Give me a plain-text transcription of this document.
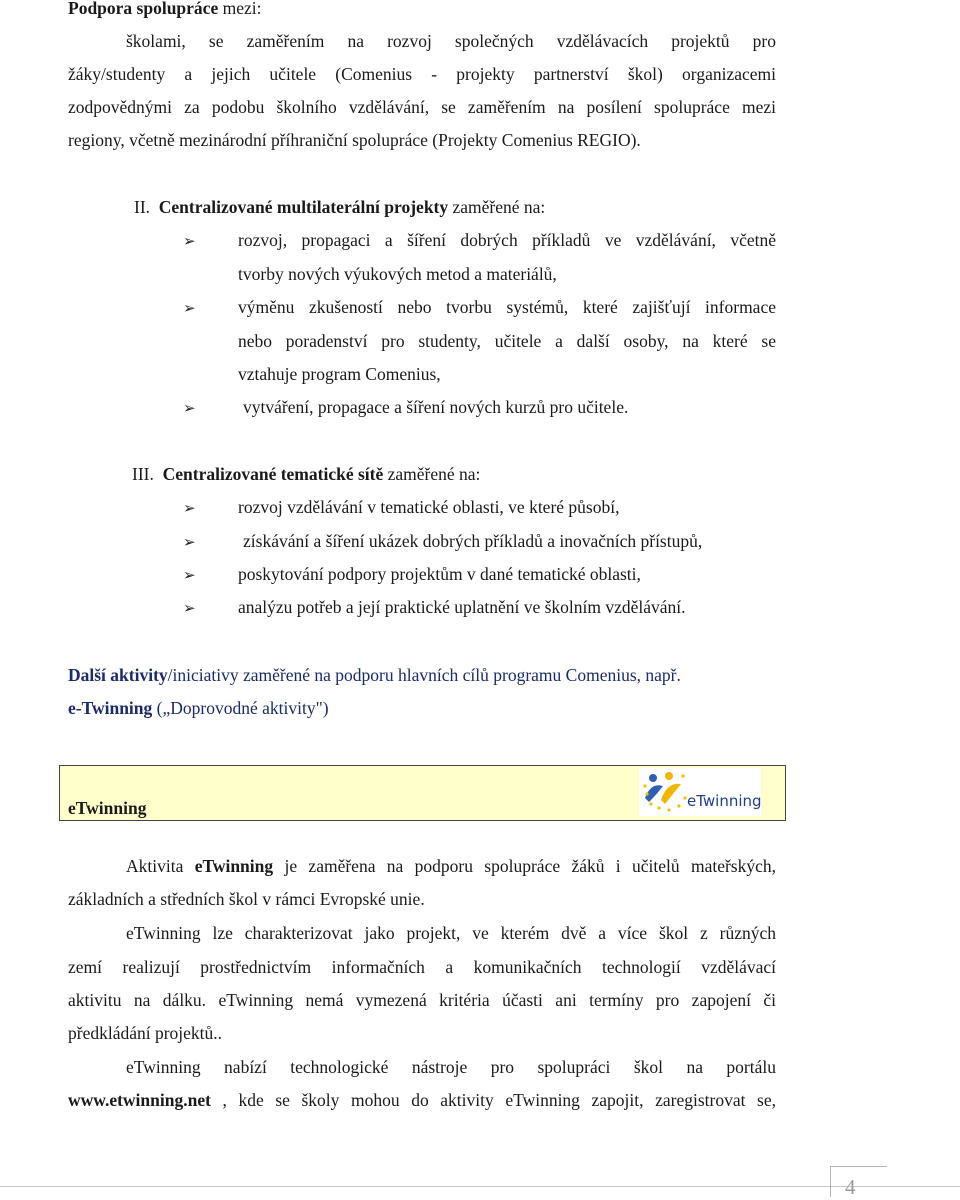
Podpora spolupráce mezi:
školami, se zaměřením na rozvoj společných vzdělávacích projektů pro
žáky/studenty a jejich učitele (Comenius - projekty partnerství škol) organizacemi
zodpovědnými za podobu školního vzdělávání, se zaměřením na posílení spolupráce mezi
regiony, včetně mezinárodní příhraniční spolupráce (Projekty Comenius REGIO).
II. Centralizované multilaterální projekty zaměřené na:
➢ rozvoj, propagaci a šíření dobrých příkladů ve vzdělávání, včetně
tvorby nových výukových metod a materiálů,
➢ výměnu zkušeností nebo tvorbu systémů, které zajišťují informace
nebo poradenství pro studenty, učitele a další osoby, na které se
vztahuje program Comenius,
➢	vytváření, propagace a šíření nových kurzů pro učitele.
III. Centralizované tematické sítě zaměřené na:
➢ rozvoj vzdělávání v tematické oblasti, ve které působí,
➢	získávání a šíření ukázek dobrých příkladů a inovačních přístupů,
➢ poskytování podpory projektům v dané tematické oblasti,
➢ analýzu potřeb a její praktické uplatnění ve školním vzdělávání.
Další aktivity/iniciativy zaměřené na podporu hlavních cílů programu Comenius, např.
e-Twinning („Doprovodné aktivity")
eTwinning	eTwinning
Aktivita eTwinning je zaměřena na podporu spolupráce žáků i učitelů mateřských,
základních a středních škol v rámci Evropské unie.
eTwinning lze charakterizovat jako projekt, ve kterém dvě a více škol z různých
zemí realizují prostřednictvím informačních a komunikačních technologií vzdělávací
aktivitu na dálku. eTwinning nemá vymezená kritéria účasti ani termíny pro zapojení či
předkládání projektů..
eTwinning nabízí technologické nástroje pro spolupráci škol na portálu
www.etwinning.net , kde se školy mohou do aktivity eTwinning zapojit, zaregistrovat se,
4
